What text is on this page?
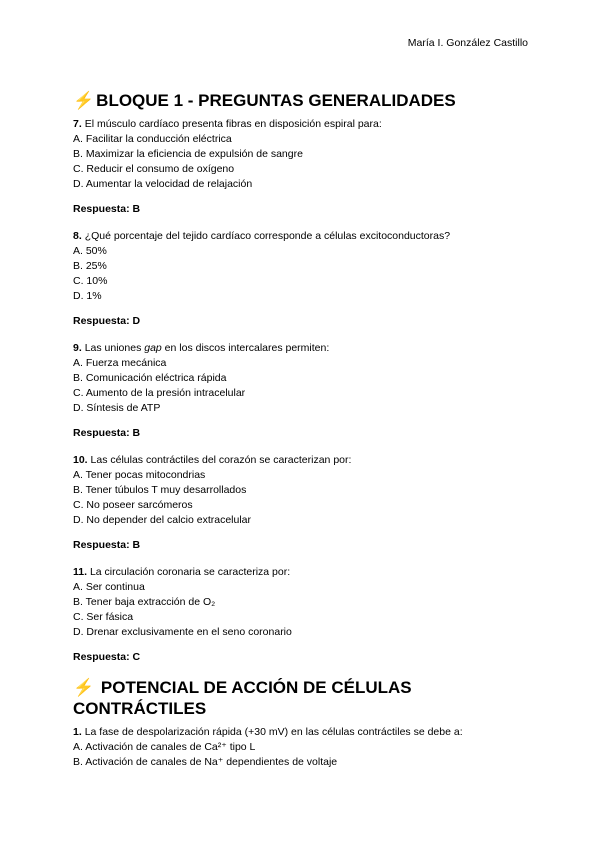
María I. González Castillo
⚡ BLOQUE 1 - PREGUNTAS GENERALIDADES

7. El músculo cardíaco presenta fibras en disposición espiral para:

A. Facilitar la conducción eléctrica

B. Maximizar la eficiencia de expulsión de sangre

C. Reducir el consumo de oxígeno

D. Aumentar la velocidad de relajación

Respuesta: B

8. ¿Qué porcentaje del tejido cardíaco corresponde a células excitoconductoras?

A. 50%

B. 25%

C. 10%

D. 1%

Respuesta: D

9. Las uniones gap en los discos intercalares permiten:

A. Fuerza mecánica

B. Comunicación eléctrica rápida

C. Aumento de la presión intracelular

D. Síntesis de ATP

Respuesta: B

10. Las células contráctiles del corazón se caracterizan por:

A. Tener pocas mitocondrias

B. Tener túbulos T muy desarrollados

C. No poseer sarcómeros

D. No depender del calcio extracelular

Respuesta: B

11. La circulación coronaria se caracteriza por:

A. Ser continua

B. Tener baja extracción de O₂

C. Ser fásica

D. Drenar exclusivamente en el seno coronario

Respuesta: C

⚡ POTENCIAL DE ACCIÓN DE CÉLULAS CONTRÁCTILES

1. La fase de despolarización rápida (+30 mV) en las células contráctiles se debe a:

A. Activación de canales de Ca²⁺ tipo L

B. Activación de canales de Na⁺ dependientes de voltaje
